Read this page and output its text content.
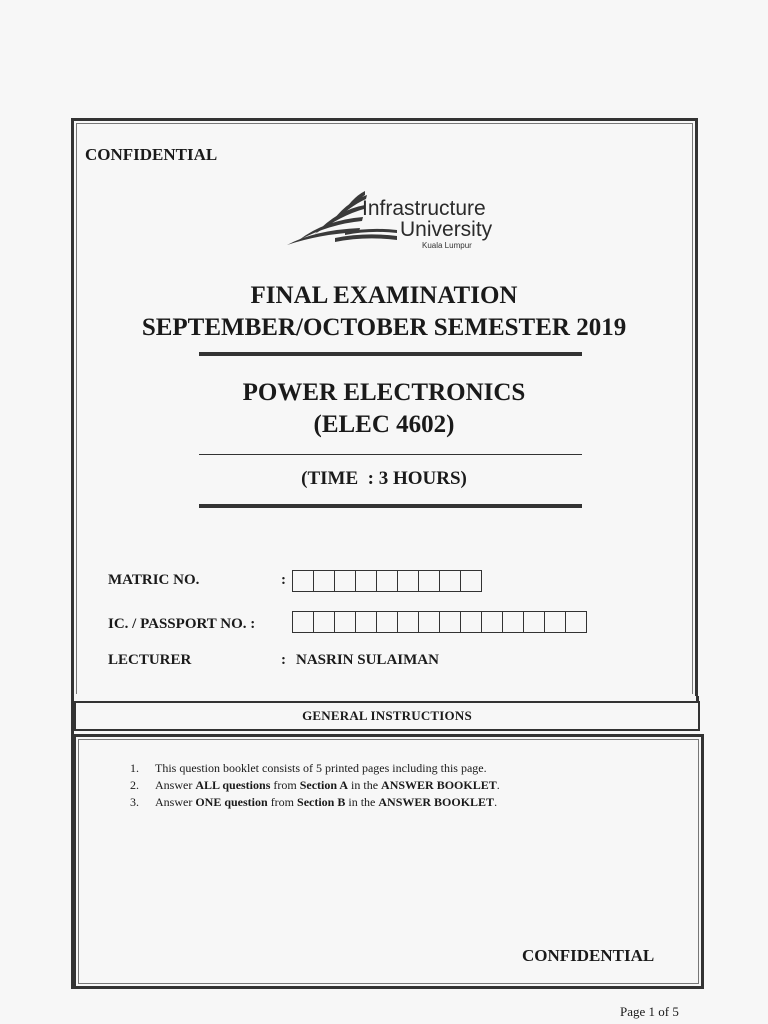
CONFIDENTIAL
Infrastructure
University
Kuala Lumpur
FINAL EXAMINATION
SEPTEMBER/OCTOBER SEMESTER 2019
POWER ELECTRONICS
(ELEC 4602)
(TIME  : 3 HOURS)
MATRIC NO.	:
IC. / PASSPORT NO. :
LECTURER	: NASRIN SULAIMAN
GENERAL INSTRUCTIONS
1.	This question booklet consists of 5 printed pages including this page.
2.	Answer ALL questions from Section A in the ANSWER BOOKLET.
3.	Answer ONE question from Section B in the ANSWER BOOKLET.
CONFIDENTIAL
Page 1 of 5
